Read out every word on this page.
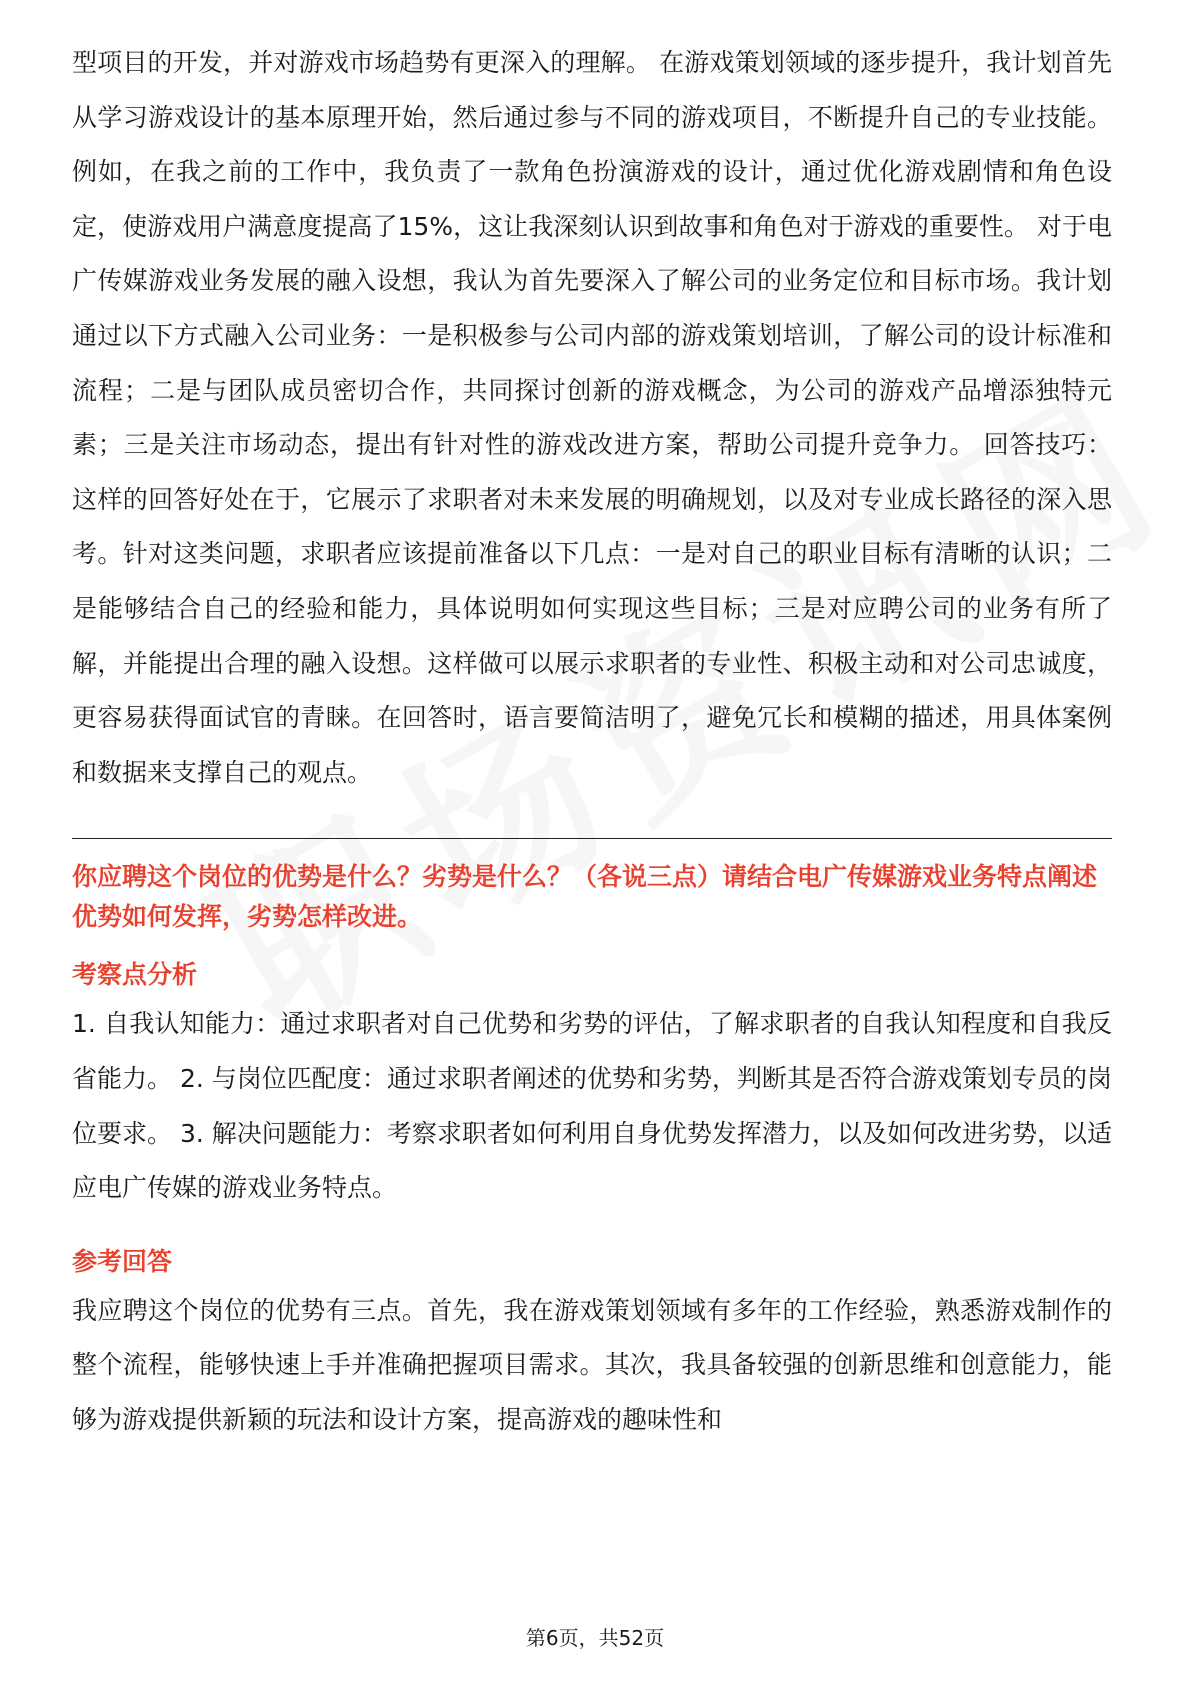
型项目的开发，并对游戏市场趋势有更深入的理解。 在游戏策划领域的逐步提升，我计划首先从学习游戏设计的基本原理开始，然后通过参与不同的游戏项目，不断提升自己的专业技能。例如，在我之前的工作中，我负责了一款角色扮演游戏的设计，通过优化游戏剧情和角色设定，使游戏用户满意度提高了15%，这让我深刻认识到故事和角色对于游戏的重要性。 对于电广传媒游戏业务发展的融入设想，我认为首先要深入了解公司的业务定位和目标市场。我计划通过以下方式融入公司业务：一是积极参与公司内部的游戏策划培训，了解公司的设计标准和流程；二是与团队成员密切合作，共同探讨创新的游戏概念，为公司的游戏产品增添独特元素；三是关注市场动态，提出有针对性的游戏改进方案，帮助公司提升竞争力。 回答技巧： 这样的回答好处在于，它展示了求职者对未来发展的明确规划，以及对专业成长路径的深入思考。针对这类问题，求职者应该提前准备以下几点：一是对自己的职业目标有清晰的认识；二是能够结合自己的经验和能力，具体说明如何实现这些目标；三是对应聘公司的业务有所了解，并能提出合理的融入设想。这样做可以展示求职者的专业性、积极主动和对公司忠诚度，更容易获得面试官的青睐。在回答时，语言要简洁明了，避免冗长和模糊的描述，用具体案例和数据来支撑自己的观点。

你应聘这个岗位的优势是什么？劣势是什么？（各说三点）请结合电广传媒游戏业务特点阐述优势如何发挥，劣势怎样改进。

考察点分析

1. 自我认知能力：通过求职者对自己优势和劣势的评估，了解求职者的自我认知程度和自我反省能力。 2. 与岗位匹配度：通过求职者阐述的优势和劣势，判断其是否符合游戏策划专员的岗位要求。 3. 解决问题能力：考察求职者如何利用自身优势发挥潜力，以及如何改进劣势，以适应电广传媒的游戏业务特点。

参考回答

我应聘这个岗位的优势有三点。首先，我在游戏策划领域有多年的工作经验，熟悉游戏制作的整个流程，能够快速上手并准确把握项目需求。其次，我具备较强的创新思维和创意能力，能够为游戏提供新颖的玩法和设计方案，提高游戏的趣味性和

第6页，共52页
